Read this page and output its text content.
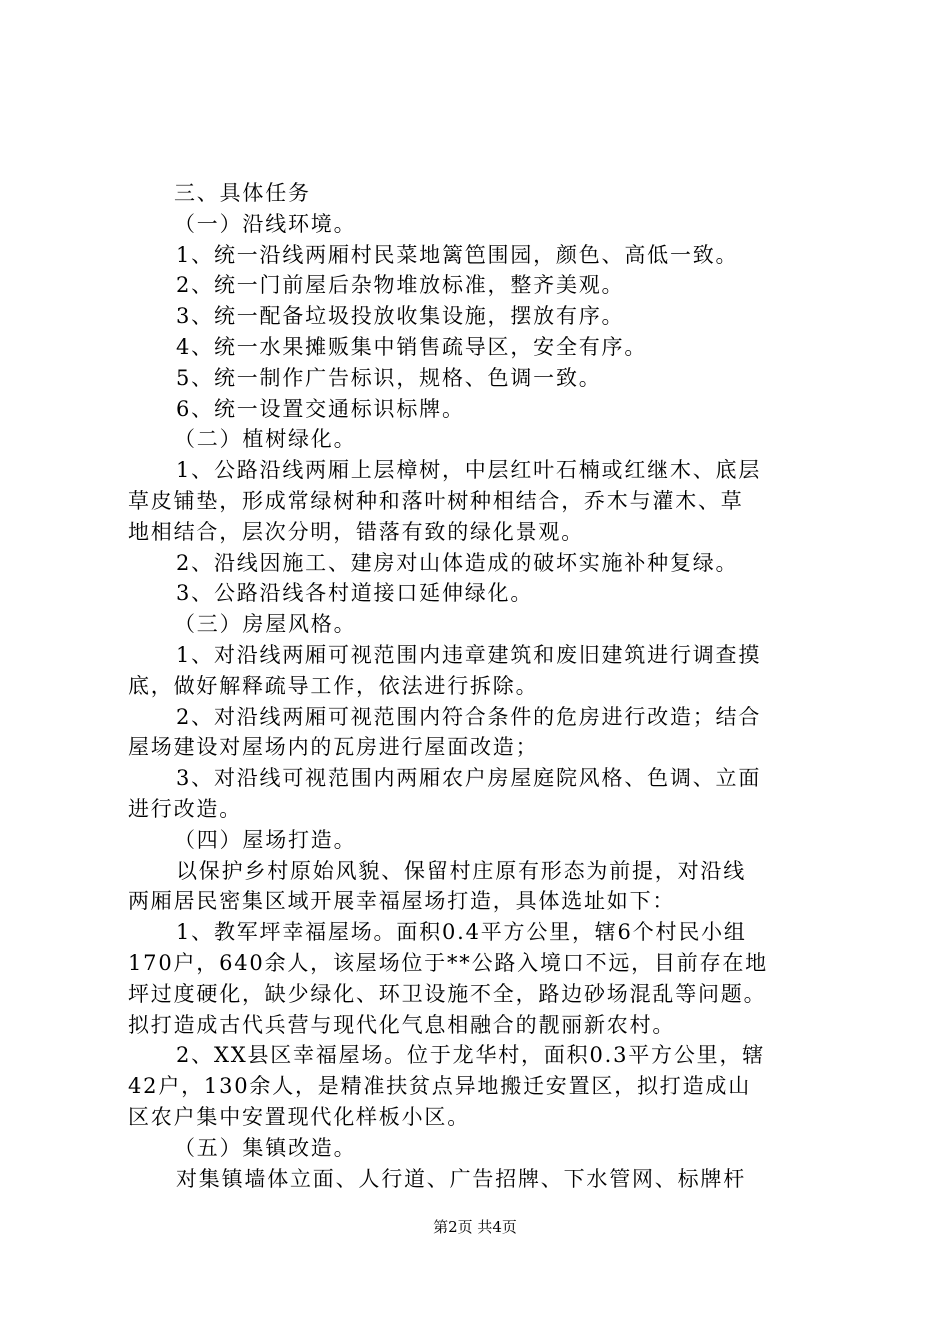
三、具体任务
（一）沿线环境。
1、统一沿线两厢村民菜地篱笆围园，颜色、高低一致。
2、统一门前屋后杂物堆放标准，整齐美观。
3、统一配备垃圾投放收集设施，摆放有序。
4、统一水果摊贩集中销售疏导区，安全有序。
5、统一制作广告标识，规格、色调一致。
6、统一设置交通标识标牌。
（二）植树绿化。
1、公路沿线两厢上层樟树，中层红叶石楠或红继木、底层
草皮铺垫，形成常绿树种和落叶树种相结合，乔木与灌木、草
地相结合，层次分明，错落有致的绿化景观。
2、沿线因施工、建房对山体造成的破坏实施补种复绿。
3、公路沿线各村道接口延伸绿化。
（三）房屋风格。
1、对沿线两厢可视范围内违章建筑和废旧建筑进行调查摸
底，做好解释疏导工作，依法进行拆除。
2、对沿线两厢可视范围内符合条件的危房进行改造；结合
屋场建设对屋场内的瓦房进行屋面改造；
3、对沿线可视范围内两厢农户房屋庭院风格、色调、立面
进行改造。
（四）屋场打造。
以保护乡村原始风貌、保留村庄原有形态为前提，对沿线
两厢居民密集区域开展幸福屋场打造，具体选址如下：
1、教军坪幸福屋场。面积0.4平方公里，辖6个村民小组
170户，640余人，该屋场位于**公路入境口不远，目前存在地
坪过度硬化，缺少绿化、环卫设施不全，路边砂场混乱等问题。
拟打造成古代兵营与现代化气息相融合的靓丽新农村。
2、XX县区幸福屋场。位于龙华村，面积0.3平方公里，辖
42户，130余人，是精准扶贫点异地搬迁安置区，拟打造成山
区农户集中安置现代化样板小区。
（五）集镇改造。
对集镇墙体立面、人行道、广告招牌、下水管网、标牌杆
第2页 共4页
